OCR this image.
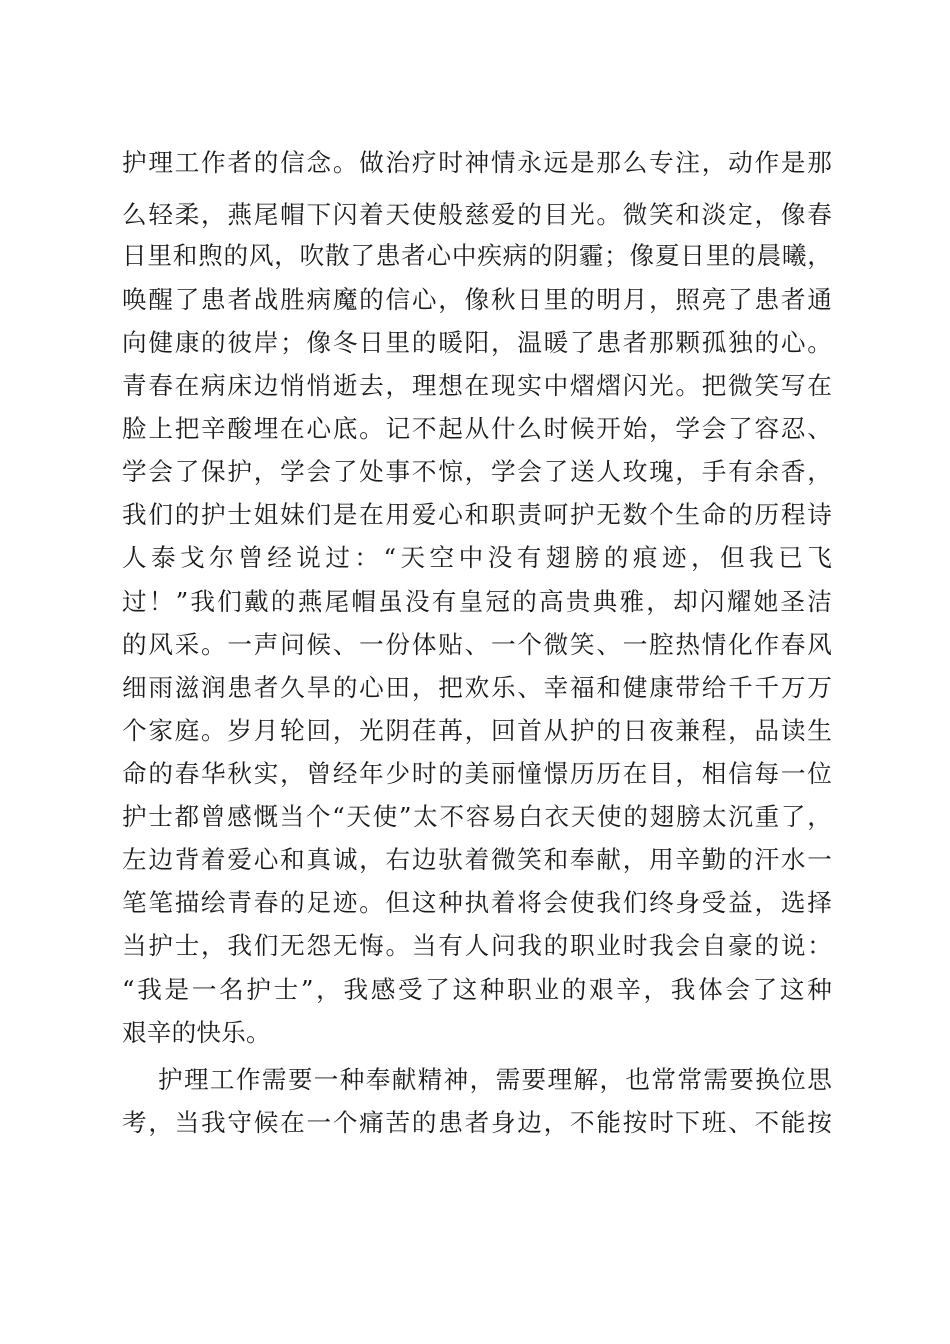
护理工作者的信念。做治疗时神情永远是那么专注，动作是那
么轻柔，燕尾帽下闪着天使般慈爱的目光。微笑和淡定，像春
日里和煦的风，吹散了患者心中疾病的阴霾；像夏日里的晨曦，
唤醒了患者战胜病魔的信心，像秋日里的明月，照亮了患者通
向健康的彼岸；像冬日里的暖阳，温暖了患者那颗孤独的心。
青春在病床边悄悄逝去，理想在现实中熠熠闪光。把微笑写在
脸上把辛酸埋在心底。记不起从什么时候开始，学会了容忍、
学会了保护，学会了处事不惊，学会了送人玫瑰，手有余香，
我们的护士姐妹们是在用爱心和职责呵护无数个生命的历程诗
人泰戈尔曾经说过：“天空中没有翅膀的痕迹，但我已飞
过！”我们戴的燕尾帽虽没有皇冠的高贵典雅，却闪耀她圣洁
的风采。一声问候、一份体贴、一个微笑、一腔热情化作春风
细雨滋润患者久旱的心田，把欢乐、幸福和健康带给千千万万
个家庭。岁月轮回，光阴荏苒，回首从护的日夜兼程，品读生
命的春华秋实，曾经年少时的美丽憧憬历历在目，相信每一位
护士都曾感慨当个“天使”太不容易白衣天使的翅膀太沉重了，
左边背着爱心和真诚，右边驮着微笑和奉献，用辛勤的汗水一
笔笔描绘青春的足迹。但这种执着将会使我们终身受益，选择
当护士，我们无怨无悔。当有人问我的职业时我会自豪的说：
“我是一名护士”，我感受了这种职业的艰辛，我体会了这种
艰辛的快乐。
护理工作需要一种奉献精神，需要理解，也常常需要换位思
考，当我守候在一个痛苦的患者身边，不能按时下班、不能按
